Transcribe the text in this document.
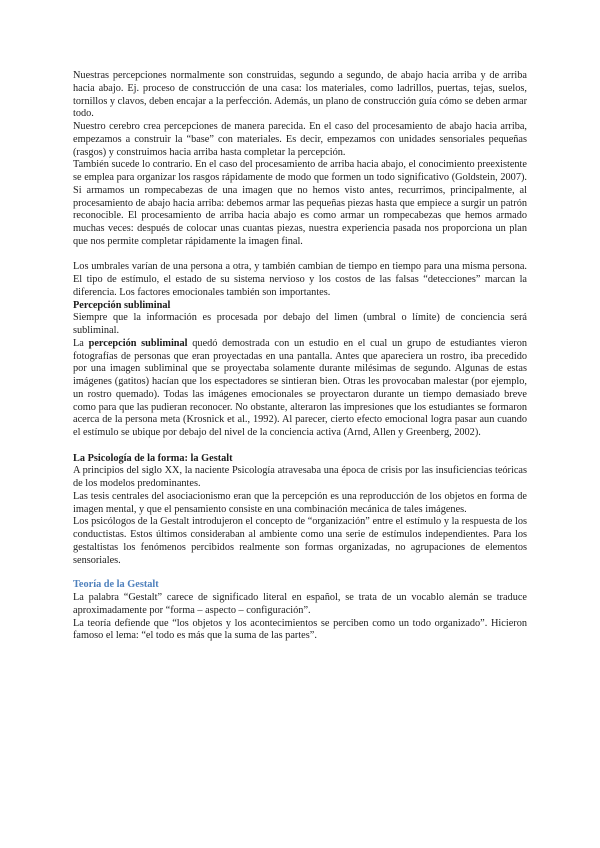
Nuestras percepciones normalmente son construidas, segundo a segundo, de abajo hacia arriba y de arriba hacia abajo. Ej. proceso de construcción de una casa: los materiales, como ladrillos, puertas, tejas, suelos, tornillos y clavos, deben encajar a la perfección. Además, un plano de construcción guía cómo se deben armar todo.

Nuestro cerebro crea percepciones de manera parecida. En el caso del procesamiento de abajo hacia arriba, empezamos a construir la “base” con materiales. Es decir, empezamos con unidades sensoriales pequeñas (rasgos) y construimos hacia arriba hasta completar la percepción.

También sucede lo contrario. En el caso del procesamiento de arriba hacia abajo, el conocimiento preexistente se emplea para organizar los rasgos rápidamente de modo que formen un todo significativo (Goldstein, 2007). Si armamos un rompecabezas de una imagen que no hemos visto antes, recurrimos, principalmente, al procesamiento de abajo hacia arriba: debemos armar las pequeñas piezas hasta que empiece a surgir un patrón reconocible. El procesamiento de arriba hacia abajo es como armar un rompecabezas que hemos armado muchas veces: después de colocar unas cuantas piezas, nuestra experiencia pasada nos proporciona un plan que nos permite completar rápidamente la imagen final.

Los umbrales varían de una persona a otra, y también cambian de tiempo en tiempo para una misma persona. El tipo de estímulo, el estado de su sistema nervioso y los costos de las falsas “detecciones” marcan la diferencia. Los factores emocionales también son importantes.

Percepción subliminal

Siempre que la información es procesada por debajo del limen (umbral o límite) de conciencia será subliminal.

La percepción subliminal quedó demostrada con un estudio en el cual un grupo de estudiantes vieron fotografías de personas que eran proyectadas en una pantalla. Antes que apareciera un rostro, iba precedido por una imagen subliminal que se proyectaba solamente durante milésimas de segundo. Algunas de estas imágenes (gatitos) hacían que los espectadores se sintieran bien. Otras les provocaban malestar (por ejemplo, un rostro quemado). Todas las imágenes emocionales se proyectaron durante un tiempo demasiado breve como para que las pudieran reconocer. No obstante, alteraron las impresiones que los estudiantes se formaron acerca de la persona meta (Krosnick et al., 1992). Al parecer, cierto efecto emocional logra pasar aun cuando el estímulo se ubique por debajo del nivel de la conciencia activa (Arnd, Allen y Greenberg, 2002).

La Psicología de la forma: la Gestalt

A principios del siglo XX, la naciente Psicología atravesaba una época de crisis por las insuficiencias teóricas de los modelos predominantes.

Las tesis centrales del asociacionismo eran que la percepción es una reproducción de los objetos en forma de imagen mental, y que el pensamiento consiste en una combinación mecánica de tales imágenes.

Los psicólogos de la Gestalt introdujeron el concepto de “organización” entre el estímulo y la respuesta de los conductistas. Estos últimos consideraban al ambiente como una serie de estímulos independientes. Para los gestaltistas los fenómenos percibidos realmente son formas organizadas, no agrupaciones de elementos sensoriales.

Teoría de la Gestalt

La palabra “Gestalt” carece de significado literal en español, se trata de un vocablo alemán se traduce aproximadamente por “forma – aspecto – configuración”.

La teoría defiende que “los objetos y los acontecimientos se perciben como un todo organizado”. Hicieron famoso el lema: “el todo es más que la suma de las partes”.
